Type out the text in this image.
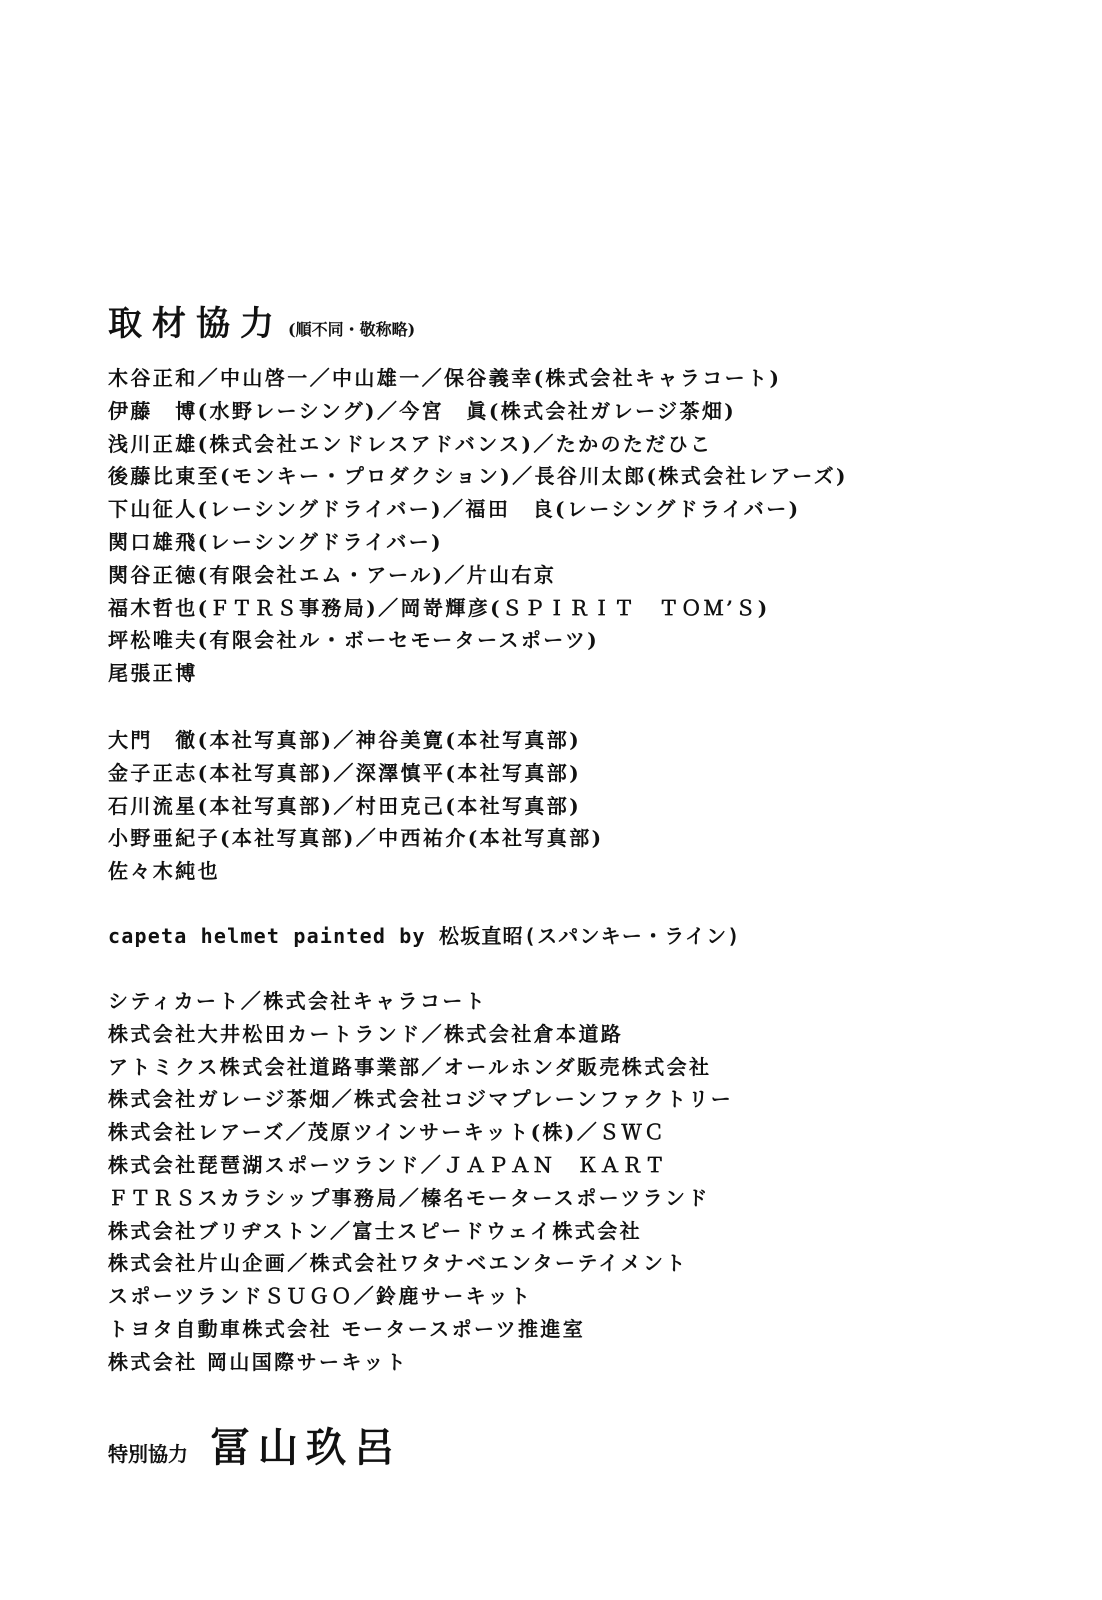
取材協力 (順不同・敬称略)
木谷正和／中山啓一／中山雄一／保谷義幸(株式会社キャラコート)
伊藤　博(水野レーシング)／今宮　眞(株式会社ガレージ茶畑)
浅川正雄(株式会社エンドレスアドバンス)／たかのただひこ
後藤比東至(モンキー・プロダクション)／長谷川太郎(株式会社レアーズ)
下山征人(レーシングドライバー)／福田　良(レーシングドライバー)
関口雄飛(レーシングドライバー)
関谷正徳(有限会社エム・アール)／片山右京
福木哲也(ＦＴＲＳ事務局)／岡嵜輝彦(ＳＰＩＲＩＴ　ＴＯＭ’Ｓ)
坪松唯夫(有限会社ル・ボーセモータースポーツ)
尾張正博
大門　徹(本社写真部)／神谷美寛(本社写真部)
金子正志(本社写真部)／深澤慎平(本社写真部)
石川流星(本社写真部)／村田克己(本社写真部)
小野亜紀子(本社写真部)／中西祐介(本社写真部)
佐々木純也
capeta helmet painted by 松坂直昭(スパンキー・ライン)
シティカート／株式会社キャラコート
株式会社大井松田カートランド／株式会社倉本道路
アトミクス株式会社道路事業部／オールホンダ販売株式会社
株式会社ガレージ茶畑／株式会社コジマプレーンファクトリー
株式会社レアーズ／茂原ツインサーキット(株)／ＳＷＣ
株式会社琵琶湖スポーツランド／ＪＡＰＡＮ　ＫＡＲＴ
ＦＴＲＳスカラシップ事務局／榛名モータースポーツランド
株式会社ブリヂストン／富士スピードウェイ株式会社
株式会社片山企画／株式会社ワタナベエンターテイメント
スポーツランドＳＵＧＯ／鈴鹿サーキット
トヨタ自動車株式会社 モータースポーツ推進室
株式会社 岡山国際サーキット
特別協力 冨山玖呂
